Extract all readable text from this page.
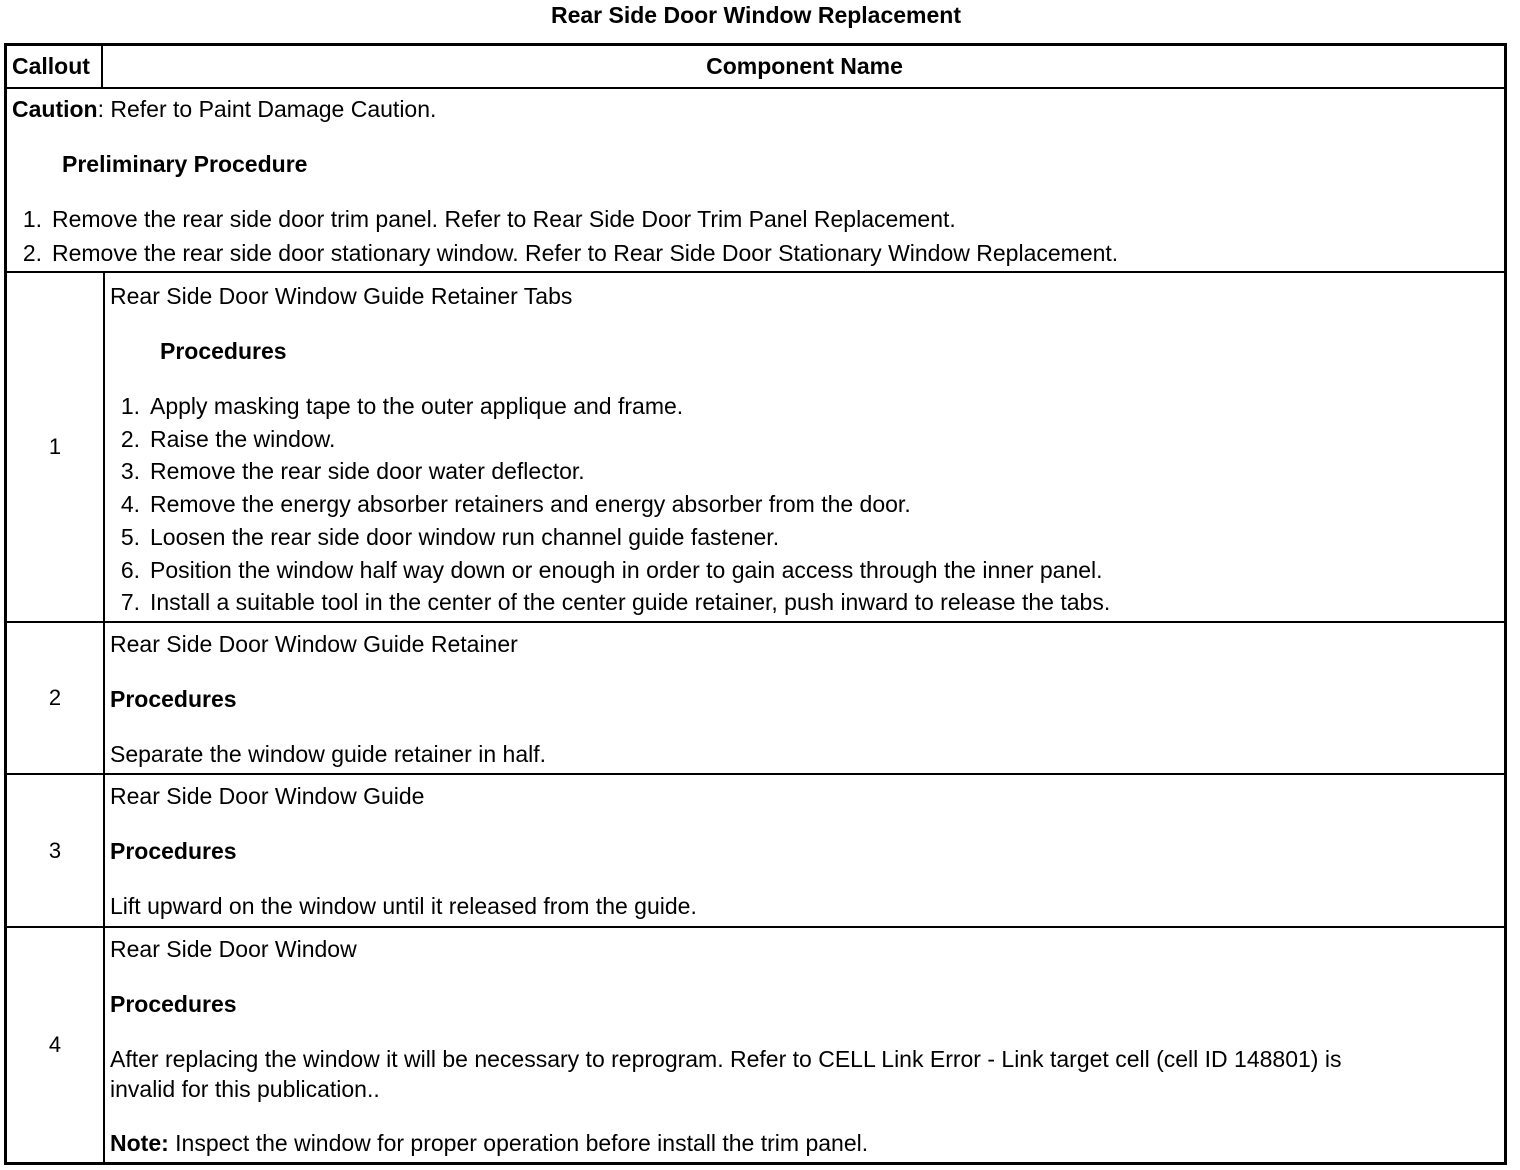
Rear Side Door Window Replacement
Callout	Component Name
Caution: Refer to Paint Damage Caution.
Preliminary Procedure
1. Remove the rear side door trim panel. Refer to Rear Side Door Trim Panel Replacement.
2. Remove the rear side door stationary window. Refer to Rear Side Door Stationary Window Replacement.
1
Rear Side Door Window Guide Retainer Tabs
Procedures
1. Apply masking tape to the outer applique and frame.
2. Raise the window.
3. Remove the rear side door water deflector.
4. Remove the energy absorber retainers and energy absorber from the door.
5. Loosen the rear side door window run channel guide fastener.
6. Position the window half way down or enough in order to gain access through the inner panel.
7. Install a suitable tool in the center of the center guide retainer, push inward to release the tabs.
2
Rear Side Door Window Guide Retainer
Procedures
Separate the window guide retainer in half.
3
Rear Side Door Window Guide
Procedures
Lift upward on the window until it released from the guide.
4
Rear Side Door Window
Procedures
After replacing the window it will be necessary to reprogram. Refer to CELL Link Error - Link target cell (cell ID 148801) is
invalid for this publication..
Note: Inspect the window for proper operation before install the trim panel.
